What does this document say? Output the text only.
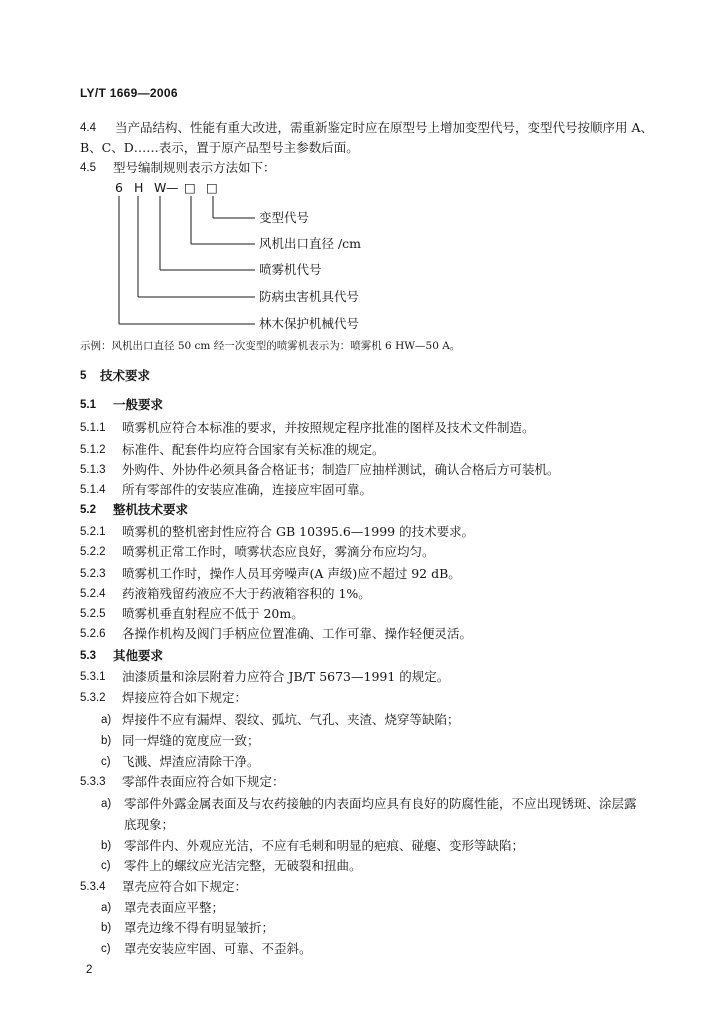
LY/T 1669—2006
4.4 当产品结构、性能有重大改进，需重新鉴定时应在原型号上增加变型代号，变型代号按顺序用 A、
B、C、D……表示，置于原产品型号主参数后面。
4.5 型号编制规则表示方法如下：
6 H W — □ □
变型代号
风机出口直径 /cm
喷雾机代号
防病虫害机具代号
林木保护机械代号
示例：风机出口直径 50 cm 经一次变型的喷雾机表示为：喷雾机 6 HW—50 A。
5 技术要求
5.1 一般要求
5.1.1 喷雾机应符合本标准的要求，并按照规定程序批准的图样及技术文件制造。
5.1.2 标准件、配套件均应符合国家有关标准的规定。
5.1.3 外购件、外协件必须具备合格证书；制造厂应抽样测试，确认合格后方可装机。
5.1.4 所有零部件的安装应准确，连接应牢固可靠。
5.2 整机技术要求
5.2.1 喷雾机的整机密封性应符合 GB 10395.6—1999 的技术要求。
5.2.2 喷雾机正常工作时，喷雾状态应良好，雾滴分布应均匀。
5.2.3 喷雾机工作时，操作人员耳旁噪声(A 声级)应不超过 92 dB。
5.2.4 药液箱残留药液应不大于药液箱容积的 1%。
5.2.5 喷雾机垂直射程应不低于 20m。
5.2.6 各操作机构及阀门手柄应位置准确、工作可靠、操作轻便灵活。
5.3 其他要求
5.3.1 油漆质量和涂层附着力应符合 JB/T 5673—1991 的规定。
5.3.2 焊接应符合如下规定：
a) 焊接件不应有漏焊、裂纹、弧坑、气孔、夹渣、烧穿等缺陷；
b) 同一焊缝的宽度应一致；
c) 飞溅、焊渣应清除干净。
5.3.3 零部件表面应符合如下规定：
a) 零部件外露金属表面及与农药接触的内表面均应具有良好的防腐性能，不应出现锈斑、涂层露
底现象；
b) 零部件内、外观应光洁，不应有毛刺和明显的疤痕、碰瘪、变形等缺陷；
c) 零件上的螺纹应光洁完整，无破裂和扭曲。
5.3.4 罩壳应符合如下规定：
a) 罩壳表面应平整；
b) 罩壳边缘不得有明显皱折；
c) 罩壳安装应牢固、可靠、不歪斜。
2
